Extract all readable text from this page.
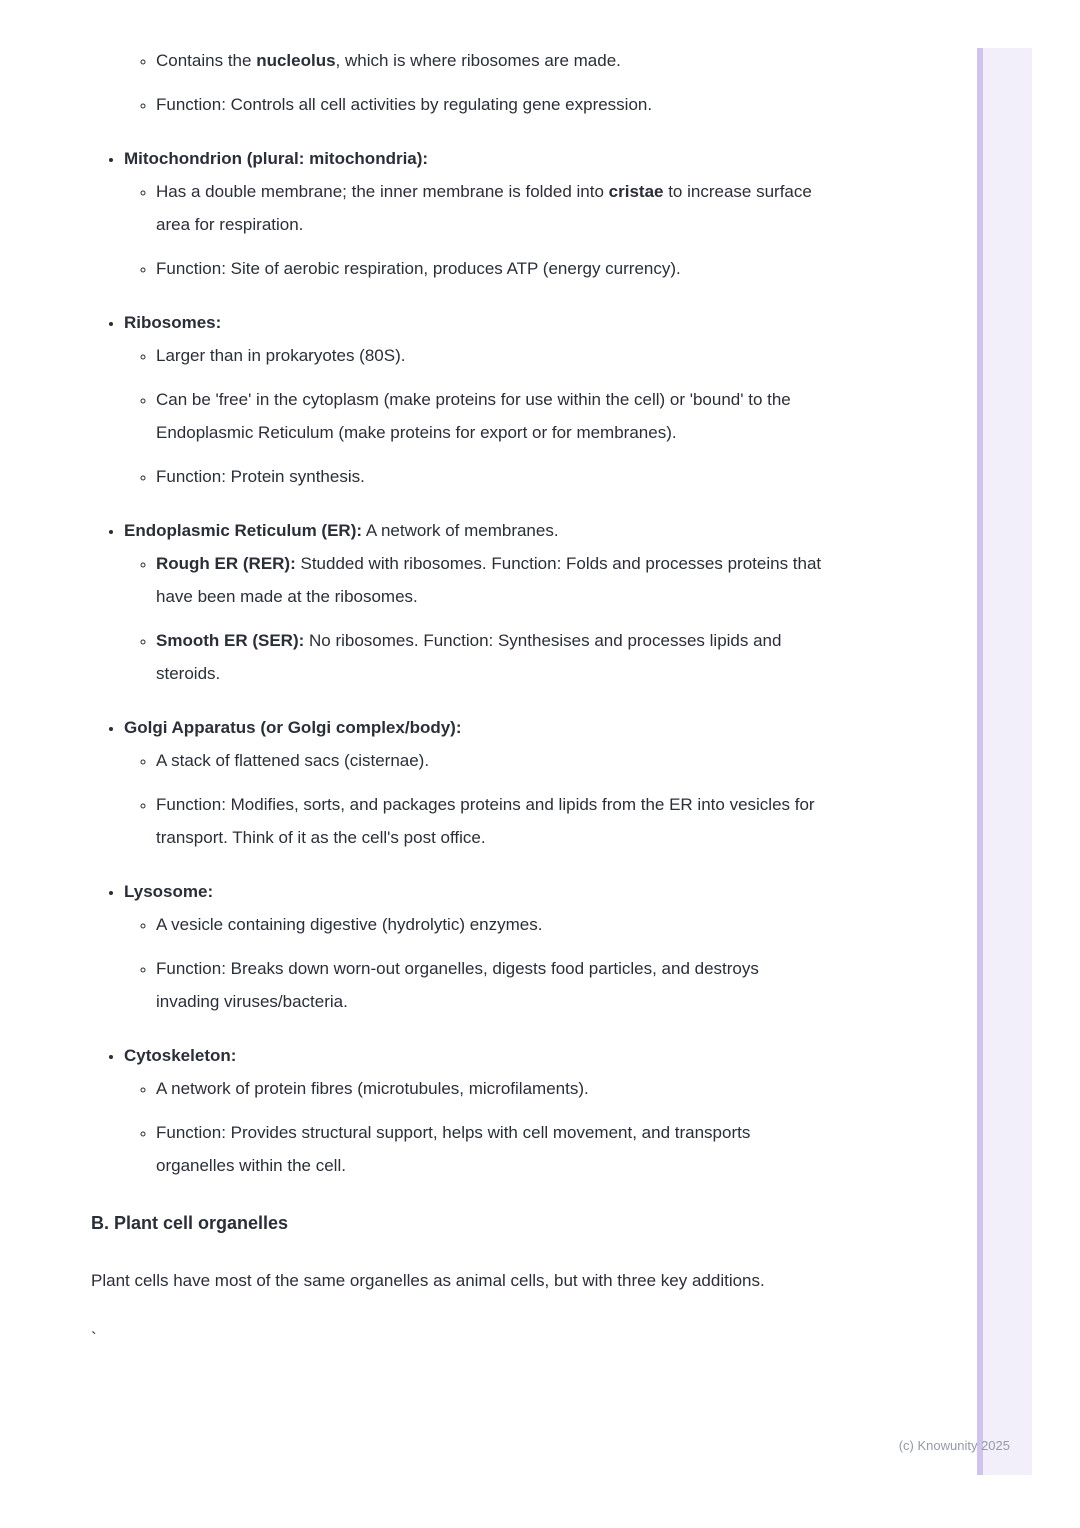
◦ Contains the nucleolus, which is where ribosomes are made.
◦ Function: Controls all cell activities by regulating gene expression.
• Mitochondrion (plural: mitochondria):
◦ Has a double membrane; the inner membrane is folded into cristae to increase surface area for respiration.
◦ Function: Site of aerobic respiration, produces ATP (energy currency).
• Ribosomes:
◦ Larger than in prokaryotes (80S).
◦ Can be 'free' in the cytoplasm (make proteins for use within the cell) or 'bound' to the Endoplasmic Reticulum (make proteins for export or for membranes).
◦ Function: Protein synthesis.
• Endoplasmic Reticulum (ER): A network of membranes.
◦ Rough ER (RER): Studded with ribosomes. Function: Folds and processes proteins that have been made at the ribosomes.
◦ Smooth ER (SER): No ribosomes. Function: Synthesises and processes lipids and steroids.
• Golgi Apparatus (or Golgi complex/body):
◦ A stack of flattened sacs (cisternae).
◦ Function: Modifies, sorts, and packages proteins and lipids from the ER into vesicles for transport. Think of it as the cell's post office.
• Lysosome:
◦ A vesicle containing digestive (hydrolytic) enzymes.
◦ Function: Breaks down worn-out organelles, digests food particles, and destroys invading viruses/bacteria.
• Cytoskeleton:
◦ A network of protein fibres (microtubules, microfilaments).
◦ Function: Provides structural support, helps with cell movement, and transports organelles within the cell.
B. Plant cell organelles

Plant cells have most of the same organelles as animal cells, but with three key additions.

`

(c) Knowunity 2025
